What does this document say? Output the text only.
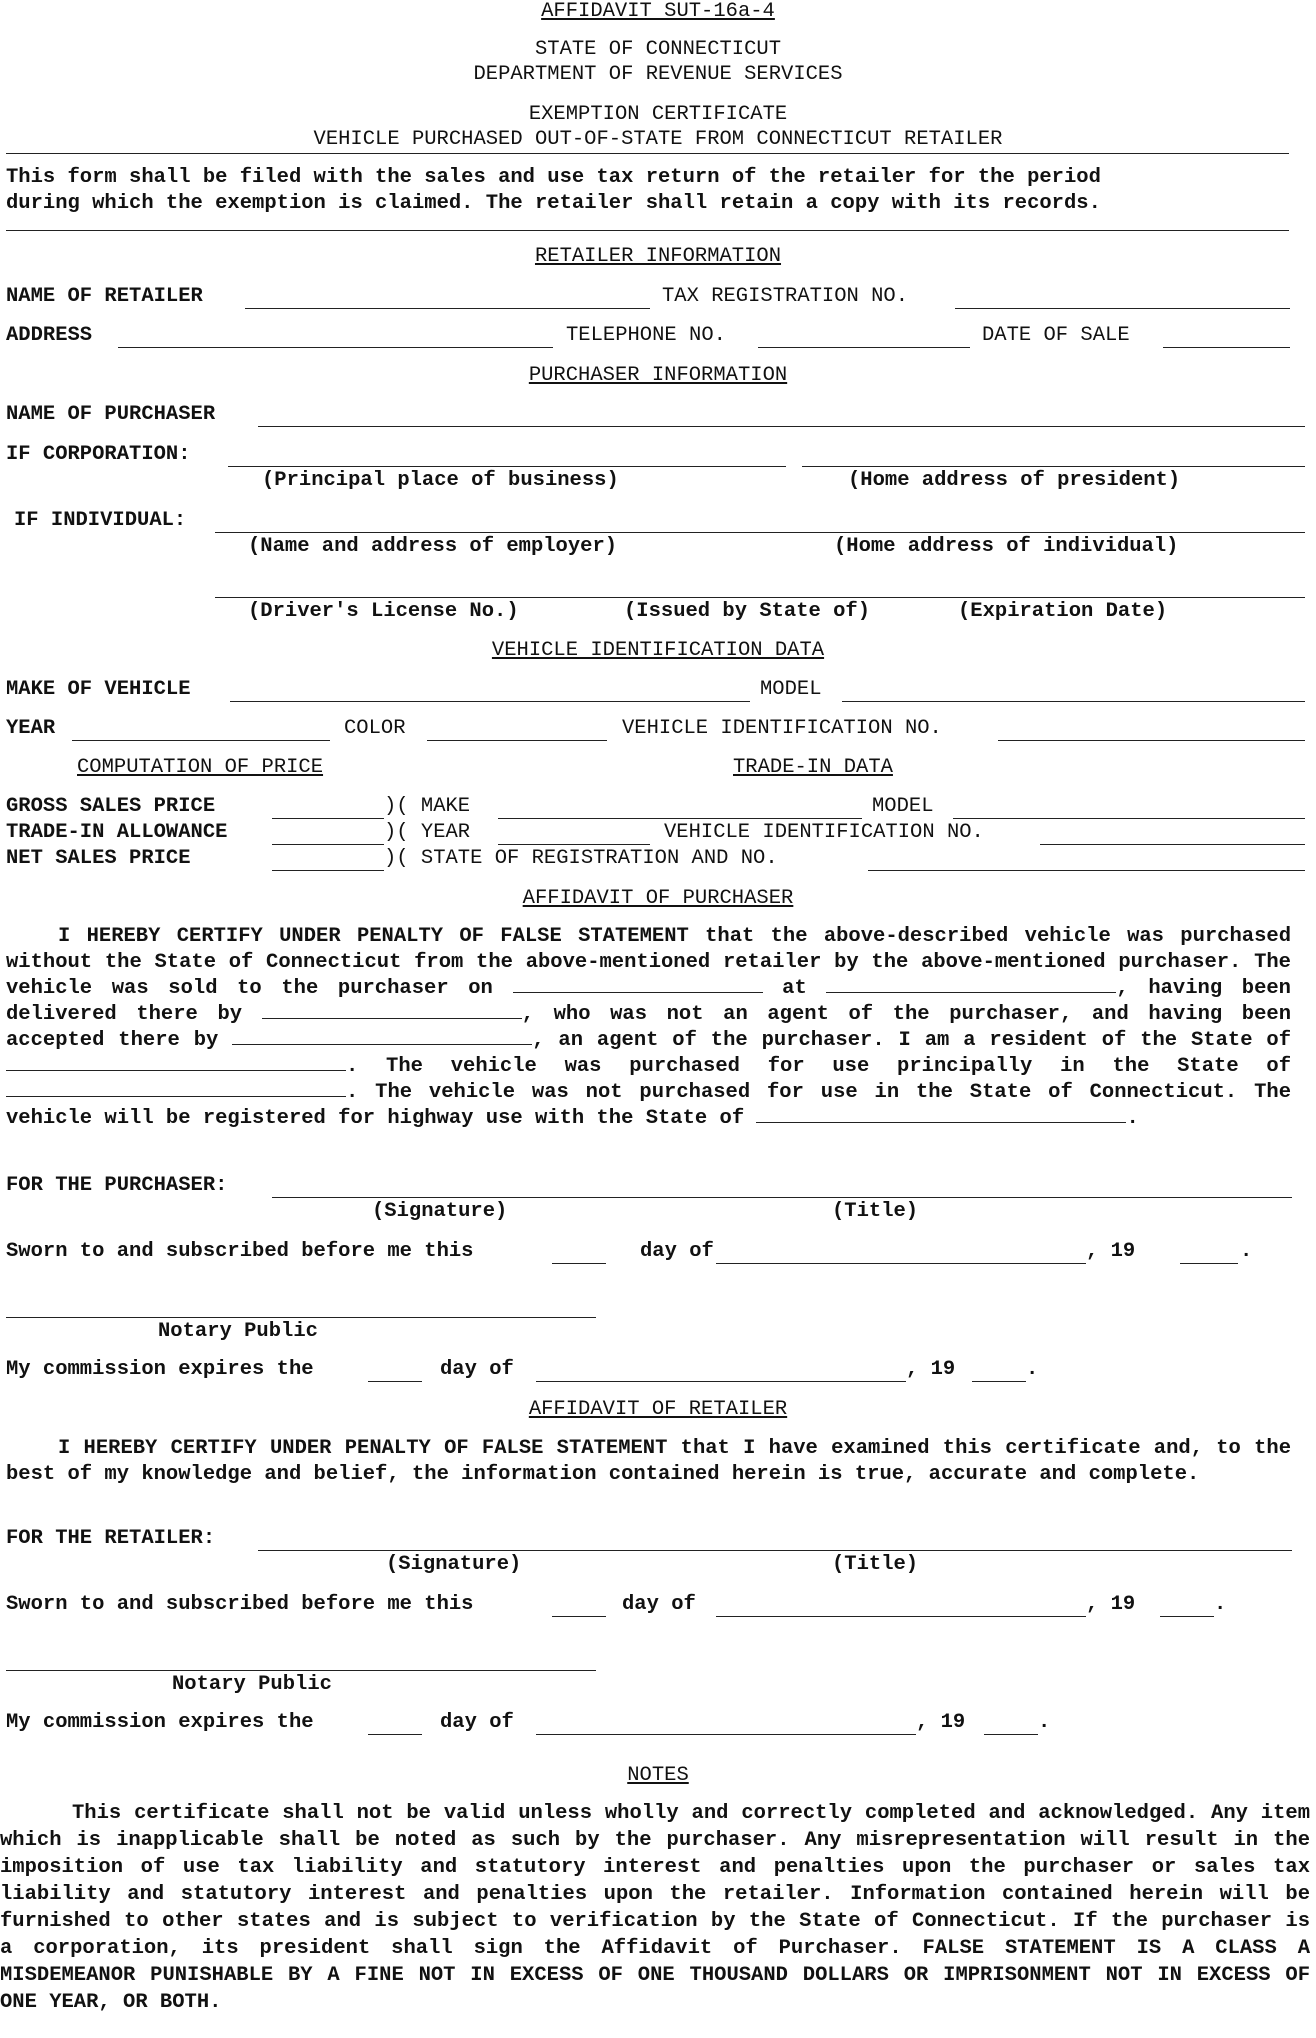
AFFIDAVIT SUT-16a-4
STATE OF CONNECTICUT
DEPARTMENT OF REVENUE SERVICES
EXEMPTION CERTIFICATE
VEHICLE PURCHASED OUT-OF-STATE FROM CONNECTICUT RETAILER
This form shall be filed with the sales and use tax return of the retailer for the period
during which the exemption is claimed. The retailer shall retain a copy with its records.
RETAILER INFORMATION
NAME OF RETAILER	TAX REGISTRATION NO.
ADDRESS	TELEPHONE NO.	DATE OF SALE
PURCHASER INFORMATION
NAME OF PURCHASER
IF CORPORATION:
(Principal place of business)	(Home address of president)
IF INDIVIDUAL:
(Name and address of employer)	(Home address of individual)
(Driver's License No.)	(Issued by State of)	(Expiration Date)
VEHICLE IDENTIFICATION DATA
MAKE OF VEHICLE	MODEL
YEAR	COLOR	VEHICLE IDENTIFICATION NO.
COMPUTATION OF PRICE	TRADE-IN DATA
GROSS SALES PRICE	)( MAKE	MODEL
TRADE-IN ALLOWANCE	)( YEAR	VEHICLE IDENTIFICATION NO.
NET SALES PRICE	)( STATE OF REGISTRATION AND NO.
AFFIDAVIT OF PURCHASER
I HEREBY CERTIFY UNDER PENALTY OF FALSE STATEMENT that the above-described vehicle was purchased without the State of Connecticut from the above-mentioned retailer by the above-mentioned purchaser. The vehicle was sold to the purchaser on	at	, having been delivered there by	, who was not an agent of the purchaser, and having been accepted there by	, an agent of the purchaser. I am a resident of the State of . The vehicle was purchased for use principally in the State of . The vehicle was not purchased for use in the State of Connecticut. The vehicle will be registered for highway use with the State of	.
FOR THE PURCHASER:
(Signature)	(Title)
Sworn to and subscribed before me this	day of	, 19	.
Notary Public
My commission expires the	day of	, 19	.
AFFIDAVIT OF RETAILER
I HEREBY CERTIFY UNDER PENALTY OF FALSE STATEMENT that I have examined this certificate and, to the best of my knowledge and belief, the information contained herein is true, accurate and complete.
FOR THE RETAILER:
(Signature)	(Title)
Sworn to and subscribed before me this	day of	, 19	.
Notary Public
My commission expires the	day of	, 19	.
NOTES
This certificate shall not be valid unless wholly and correctly completed and acknowledged. Any item which is inapplicable shall be noted as such by the purchaser. Any misrepresentation will result in the imposition of use tax liability and statutory interest and penalties upon the purchaser or sales tax liability and statutory interest and penalties upon the retailer. Information contained herein will be furnished to other states and is subject to verification by the State of Connecticut. If the purchaser is a corporation, its president shall sign the Affidavit of Purchaser. FALSE STATEMENT IS A CLASS A MISDEMEANOR PUNISHABLE BY A FINE NOT IN EXCESS OF ONE THOUSAND DOLLARS OR IMPRISONMENT NOT IN EXCESS OF ONE YEAR, OR BOTH.
